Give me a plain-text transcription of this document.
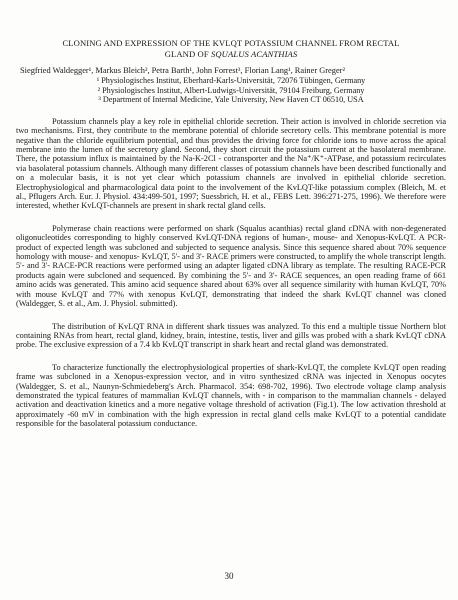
CLONING AND EXPRESSION OF THE KVLQT POTASSIUM CHANNEL FROM RECTAL
GLAND OF SQUALUS ACANTHIAS
Siegfried Waldegger¹, Markus Bleich², Petra Barth¹, John Forrest³, Florian Lang¹, Rainer Greger²

¹ Physiologisches Institut, Eberhard-Karls-Universität, 72076 Tübingen, Germany

² Physiologisches Institut, Albert-Ludwigs-Universität, 79104 Freiburg, Germany

³ Department of Internal Medicine, Yale University, New Haven CT 06510, USA

Potassium channels play a key role in epithelial chloride secretion. Their action is involved in chloride secretion via two mechanisms. First, they contribute to the membrane potential of chloride secretory cells. This membrane potential is more negative than the chloride equilibrium potential, and thus provides the driving force for chloride ions to move across the apical membrane into the lumen of the secretory gland. Second, they short circuit the potassium current at the basolateral membrane. There, the potassium influx is maintained by the Na-K-2Cl - cotransporter and the Na⁺/K⁺-ATPase, and potassium recirculates via basolateral potassium channels. Although many different classes of potassium channels have been described functionally and on a molecular basis, it is not yet clear which potassium channels are involved in epithelial chloride secretion. Electrophysiological and pharmacological data point to the involvement of the KvLQT-like potassium complex (Bleich, M. et al., Pflugers Arch. Eur. J. Physiol. 434:499-501, 1997; Suessbrich, H. et al., FEBS Lett. 396:271-275, 1996). We therefore were interested, whether KvLQT-channels are present in shark rectal gland cells.

Polymerase chain reactions were performed on shark (Squalus acanthias) rectal gland cDNA with non-degenerated oligonucleotides corresponding to highly conserved KvLQT-DNA regions of human-, mouse- and Xenopus-KvLQT. A PCR-product of expected length was subcloned and subjected to sequence analysis. Since this sequence shared about 70% sequence homology with mouse- and xenopus- KvLQT, 5'- and 3'- RACE primers were constructed, to amplify the whole transcript length. 5'- and 3'- RACE-PCR reactions were performed using an adapter ligated cDNA library as template. The resulting RACE-PCR products again were subcloned and sequenced. By combining the 5'- and 3'- RACE sequences, an open reading frame of 661 amino acids was generated. This amino acid sequence shared about 63% over all sequence similarity with human KvLQT, 70% with mouse KvLQT and 77% with xenopus KvLQT, demonstrating that indeed the shark KvLQT channel was cloned (Waldegger, S. et al., Am. J. Physiol. submitted).

The distribution of KvLQT RNA in different shark tissues was analyzed. To this end a multiple tissue Northern blot containing RNAs from heart, rectal gland, kidney, brain, intestine, testis, liver and gills was probed with a shark KvLQT cDNA probe. The exclusive expression of a 7.4 kb KvLQT transcript in shark heart and rectal gland was demonstrated.

To characterize functionally the electrophysiological properties of shark-KvLQT, the complete KvLQT open reading frame was subcloned in a Xenopus-expression vector, and in vitro synthesized cRNA was injected in Xenopus oocytes (Waldegger, S. et al., Naunyn-Schmiedeberg's Arch. Pharmacol. 354: 698-702, 1996). Two electrode voltage clamp analysis demonstrated the typical features of mammalian KvLQT channels, with - in comparison to the mammalian channels - delayed activation and deactivation kinetics and a more negative voltage threshold of activation (Fig.1). The low activation threshold at approximately -60 mV in combination with the high expression in rectal gland cells make KvLQT to a potential candidate responsible for the basolateral potassium conductance.

30
